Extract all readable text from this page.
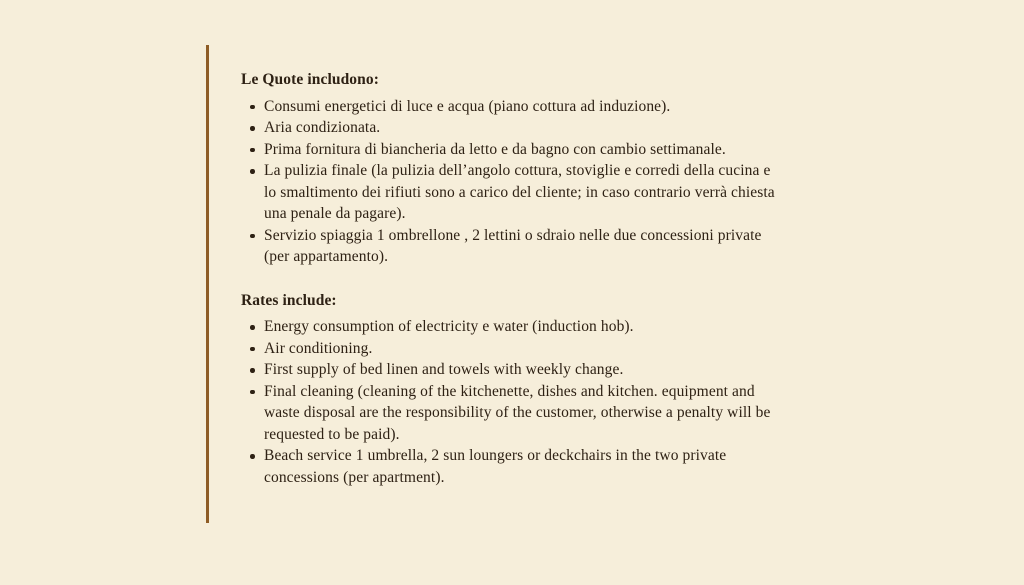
Le Quote includono:
Consumi energetici di luce e acqua (piano cottura ad induzione).
Aria condizionata.
Prima fornitura di biancheria da letto e da bagno con cambio settimanale.
La pulizia finale (la pulizia dell’angolo cottura, stoviglie e corredi della cucina e lo smaltimento dei rifiuti sono a carico del cliente; in caso contrario verrà chiesta una penale da pagare).
Servizio spiaggia 1 ombrellone , 2 lettini o sdraio nelle due concessioni private (per appartamento).
Rates include:
Energy consumption of electricity e water (induction hob).
Air conditioning.
First supply of bed linen and towels with weekly change.
Final cleaning (cleaning of the kitchenette, dishes and kitchen. equipment and waste disposal are the responsibility of the customer, otherwise a penalty will be requested to be paid).
Beach service 1 umbrella, 2 sun loungers or deckchairs in the two private concessions (per apartment).
